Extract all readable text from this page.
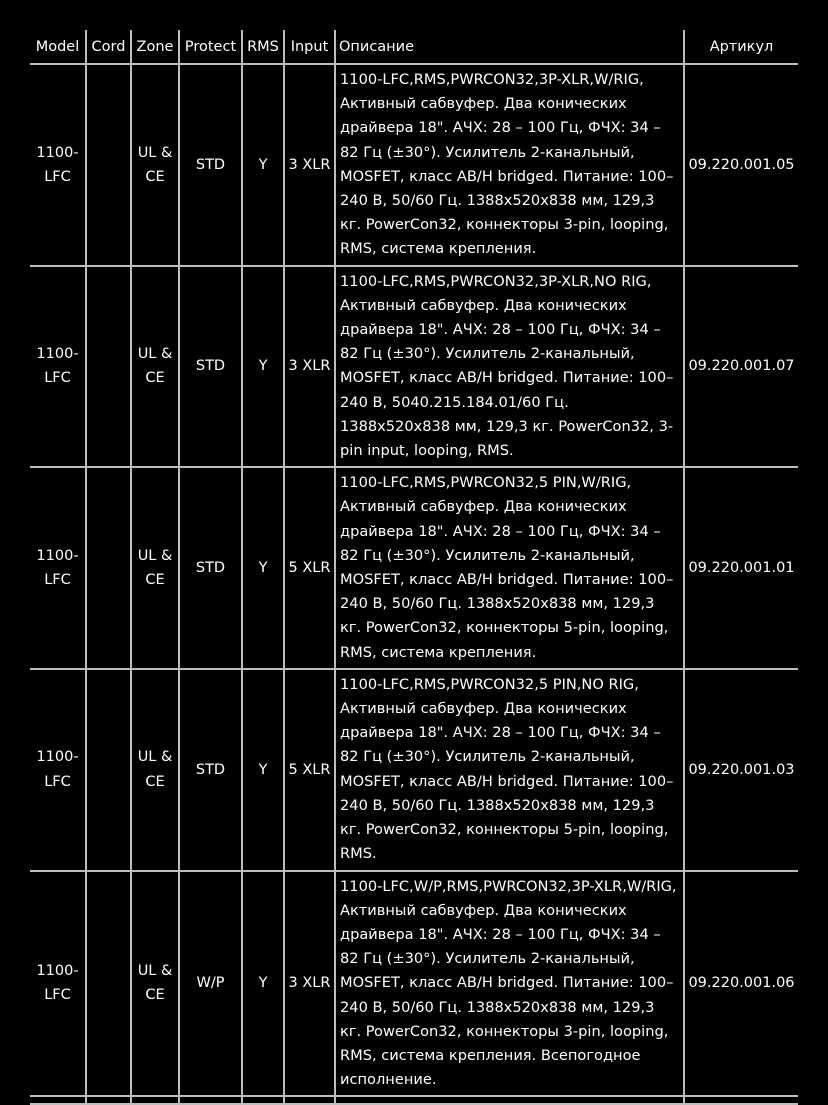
Model	Cord	Zone	Protect	RMS	Input	Описание	Артикул
1100-LFC		UL & CE	STD	Y	3 XLR	1100-LFC,RMS,PWRCON32,3P-XLR,W/RIG, Активный сабвуфер. Два конических драйвера 18". АЧХ: 28 – 100 Гц, ФЧХ: 34 – 82 Гц (±30°). Усилитель 2-канальный, MOSFET, класс AB/H bridged. Питание: 100–240 В, 50/60 Гц. 1388x520x838 мм, 129,3 кг. PowerCon32, коннекторы 3-pin, looping, RMS, система крепления.	09.220.001.05
1100-LFC		UL & CE	STD	Y	3 XLR	1100-LFC,RMS,PWRCON32,3P-XLR,NO RIG, Активный сабвуфер. Два конических драйвера 18". АЧХ: 28 – 100 Гц, ФЧХ: 34 – 82 Гц (±30°). Усилитель 2-канальный, MOSFET, класс AB/H bridged. Питание: 100–240 В, 5040.215.184.01/60 Гц. 1388x520x838 мм, 129,3 кг. PowerCon32, 3-pin input, looping, RMS.	09.220.001.07
1100-LFC		UL & CE	STD	Y	5 XLR	1100-LFC,RMS,PWRCON32,5 PIN,W/RIG, Активный сабвуфер. Два конических драйвера 18". АЧХ: 28 – 100 Гц, ФЧХ: 34 – 82 Гц (±30°). Усилитель 2-канальный, MOSFET, класс AB/H bridged. Питание: 100–240 В, 50/60 Гц. 1388x520x838 мм, 129,3 кг. PowerCon32, коннекторы 5-pin, looping, RMS, система крепления.	09.220.001.01
1100-LFC		UL & CE	STD	Y	5 XLR	1100-LFC,RMS,PWRCON32,5 PIN,NO RIG, Активный сабвуфер. Два конических драйвера 18". АЧХ: 28 – 100 Гц, ФЧХ: 34 – 82 Гц (±30°). Усилитель 2-канальный, MOSFET, класс AB/H bridged. Питание: 100–240 В, 50/60 Гц. 1388x520x838 мм, 129,3 кг. PowerCon32, коннекторы 5-pin, looping, RMS.	09.220.001.03
1100-LFC		UL & CE	W/P	Y	3 XLR	1100-LFC,W/P,RMS,PWRCON32,3P-XLR,W/RIG, Активный сабвуфер. Два конических драйвера 18". АЧХ: 28 – 100 Гц, ФЧХ: 34 – 82 Гц (±30°). Усилитель 2-канальный, MOSFET, класс AB/H bridged. Питание: 100–240 В, 50/60 Гц. 1388x520x838 мм, 129,3 кг. PowerCon32, коннекторы 3-pin, looping, RMS, система крепления. Всепогодное исполнение.	09.220.001.06
